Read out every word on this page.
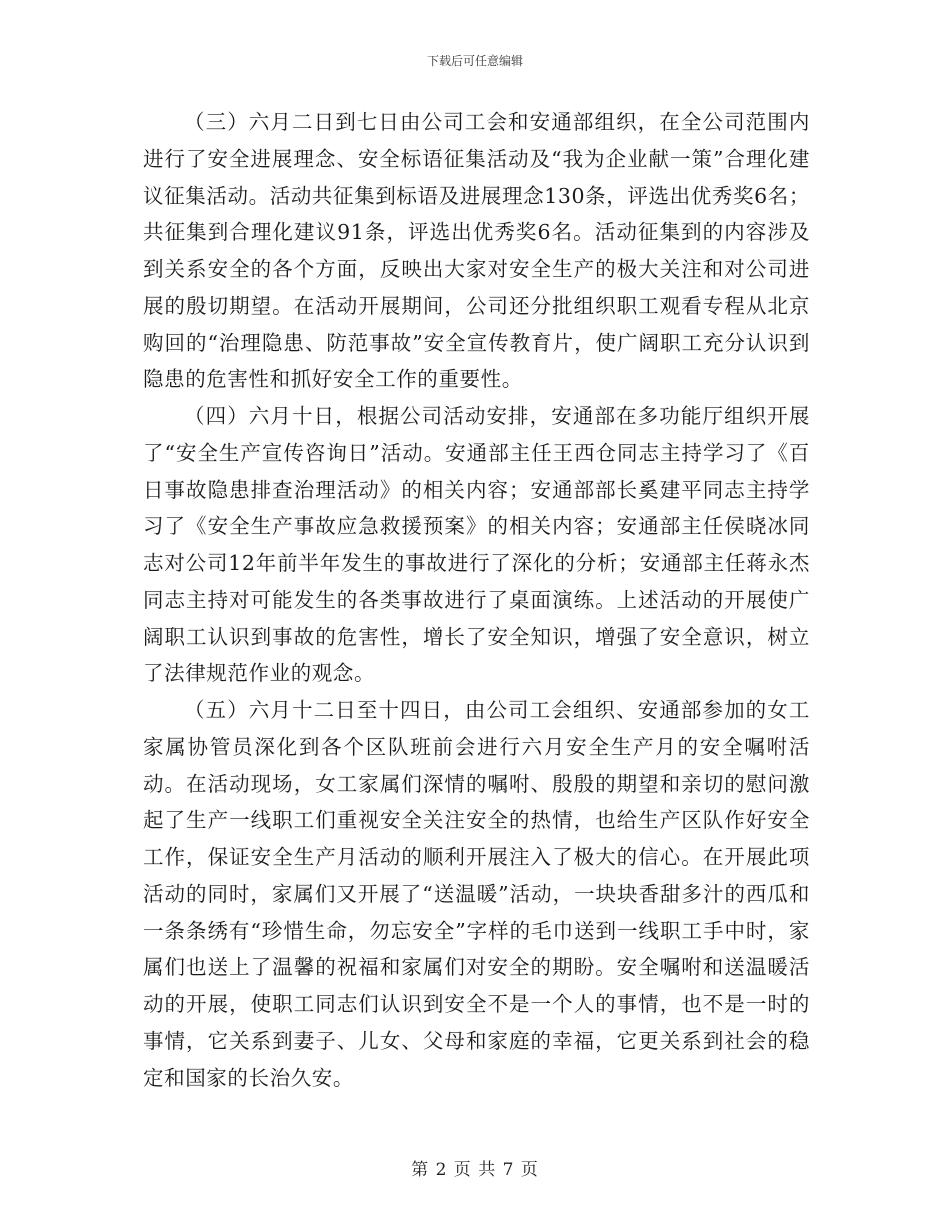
下载后可任意编辑

（三）六月二日到七日由公司工会和安通部组织，在全公司范围内进行了安全进展理念、安全标语征集活动及“我为企业献一策”合理化建议征集活动。活动共征集到标语及进展理念130条，评选出优秀奖6名；共征集到合理化建议91条，评选出优秀奖6名。活动征集到的内容涉及到关系安全的各个方面，反映出大家对安全生产的极大关注和对公司进展的殷切期望。在活动开展期间，公司还分批组织职工观看专程从北京购回的“治理隐患、防范事故”安全宣传教育片，使广阔职工充分认识到隐患的危害性和抓好安全工作的重要性。

（四）六月十日，根据公司活动安排，安通部在多功能厅组织开展了“安全生产宣传咨询日”活动。安通部主任王西仓同志主持学习了《百日事故隐患排查治理活动》的相关内容；安通部部长奚建平同志主持学习了《安全生产事故应急救援预案》的相关内容；安通部主任侯晓冰同志对公司12年前半年发生的事故进行了深化的分析；安通部主任蒋永杰同志主持对可能发生的各类事故进行了桌面演练。上述活动的开展使广阔职工认识到事故的危害性，增长了安全知识，增强了安全意识，树立了法律规范作业的观念。

（五）六月十二日至十四日，由公司工会组织、安通部参加的女工家属协管员深化到各个区队班前会进行六月安全生产月的安全嘱咐活动。在活动现场，女工家属们深情的嘱咐、殷殷的期望和亲切的慰问激起了生产一线职工们重视安全关注安全的热情，也给生产区队作好安全工作，保证安全生产月活动的顺利开展注入了极大的信心。在开展此项活动的同时，家属们又开展了“送温暖”活动，一块块香甜多汁的西瓜和一条条绣有“珍惜生命，勿忘安全”字样的毛巾送到一线职工手中时，家属们也送上了温馨的祝福和家属们对安全的期盼。安全嘱咐和送温暖活动的开展，使职工同志们认识到安全不是一个人的事情，也不是一时的事情，它关系到妻子、儿女、父母和家庭的幸福，它更关系到社会的稳定和国家的长治久安。

第 2 页 共 7 页
